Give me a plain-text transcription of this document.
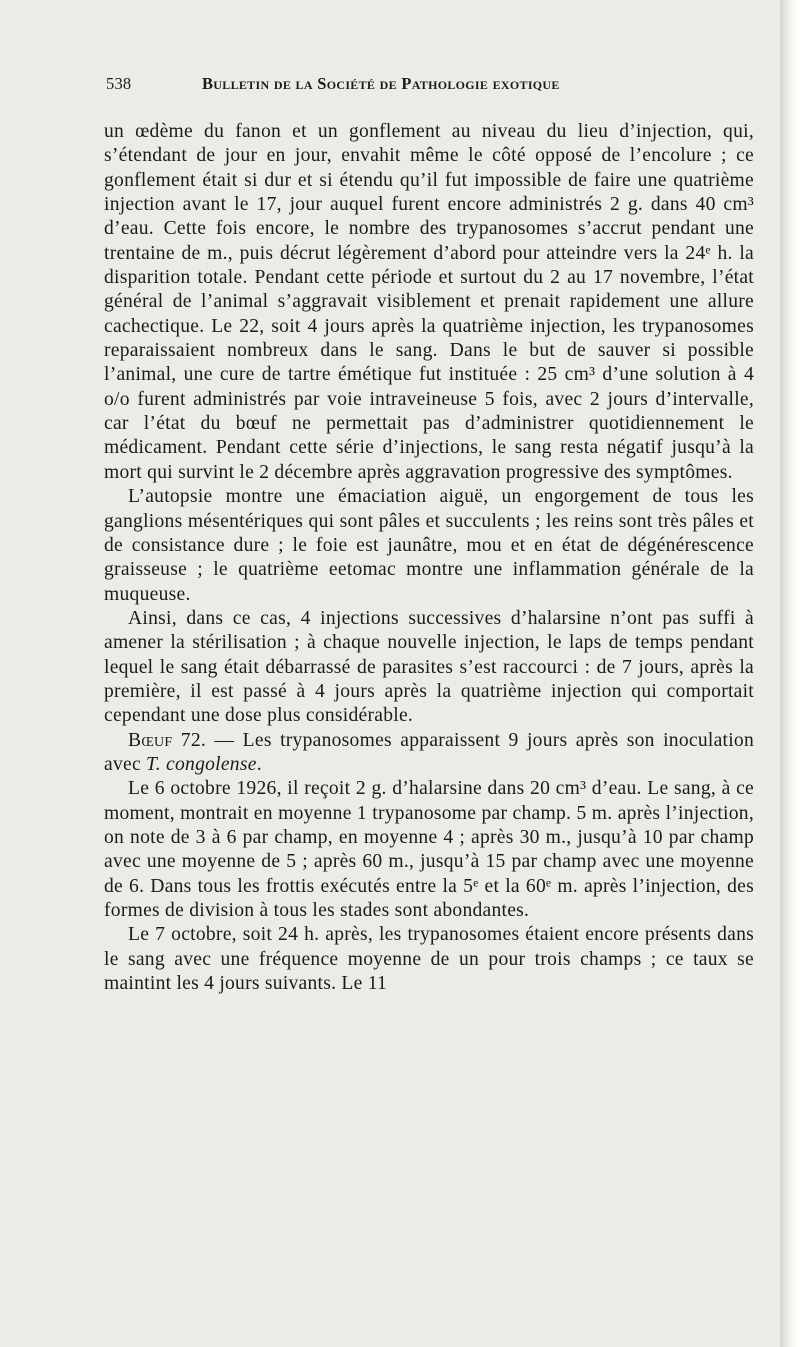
538	Bulletin de la Société de Pathologie exotique

un œdème du fanon et un gonflement au niveau du lieu d’injection, qui, s’étendant de jour en jour, envahit même le côté opposé de l’encolure ; ce gonflement était si dur et si étendu qu’il fut impossible de faire une quatrième injection avant le 17, jour auquel furent encore administrés 2 g. dans 40 cm³ d’eau. Cette fois encore, le nombre des trypanosomes s’accrut pendant une trentaine de m., puis décrut légèrement d’abord pour atteindre vers la 24ᵉ h. la disparition totale. Pendant cette période et surtout du 2 au 17 novembre, l’état général de l’animal s’aggravait visiblement et prenait rapidement une allure cachectique. Le 22, soit 4 jours après la quatrième injection, les trypanosomes reparaissaient nombreux dans le sang. Dans le but de sauver si possible l’animal, une cure de tartre émétique fut instituée : 25 cm³ d’une solution à 4 o/o furent administrés par voie intraveineuse 5 fois, avec 2 jours d’intervalle, car l’état du bœuf ne permettait pas d’administrer quotidiennement le médicament. Pendant cette série d’injections, le sang resta négatif jusqu’à la mort qui survint le 2 décembre après aggravation progressive des symptômes.

L’autopsie montre une émaciation aiguë, un engorgement de tous les ganglions mésentériques qui sont pâles et succulents ; les reins sont très pâles et de consistance dure ; le foie est jaunâtre, mou et en état de dégénérescence graisseuse ; le quatrième eetomac montre une inflammation générale de la muqueuse.

Ainsi, dans ce cas, 4 injections successives d’halarsine n’ont pas suffi à amener la stérilisation ; à chaque nouvelle injection, le laps de temps pendant lequel le sang était débarrassé de parasites s’est raccourci : de 7 jours, après la première, il est passé à 4 jours après la quatrième injection qui comportait cependant une dose plus considérable.

Bœuf 72. — Les trypanosomes apparaissent 9 jours après son inoculation avec T. congolense.

Le 6 octobre 1926, il reçoit 2 g. d’halarsine dans 20 cm³ d’eau. Le sang, à ce moment, montrait en moyenne 1 trypanosome par champ. 5 m. après l’injection, on note de 3 à 6 par champ, en moyenne 4 ; après 30 m., jusqu’à 10 par champ avec une moyenne de 5 ; après 60 m., jusqu’à 15 par champ avec une moyenne de 6. Dans tous les frottis exécutés entre la 5ᵉ et la 60ᵉ m. après l’injection, des formes de division à tous les stades sont abondantes.

Le 7 octobre, soit 24 h. après, les trypanosomes étaient encore présents dans le sang avec une fréquence moyenne de un pour trois champs ; ce taux se maintint les 4 jours suivants. Le 11
